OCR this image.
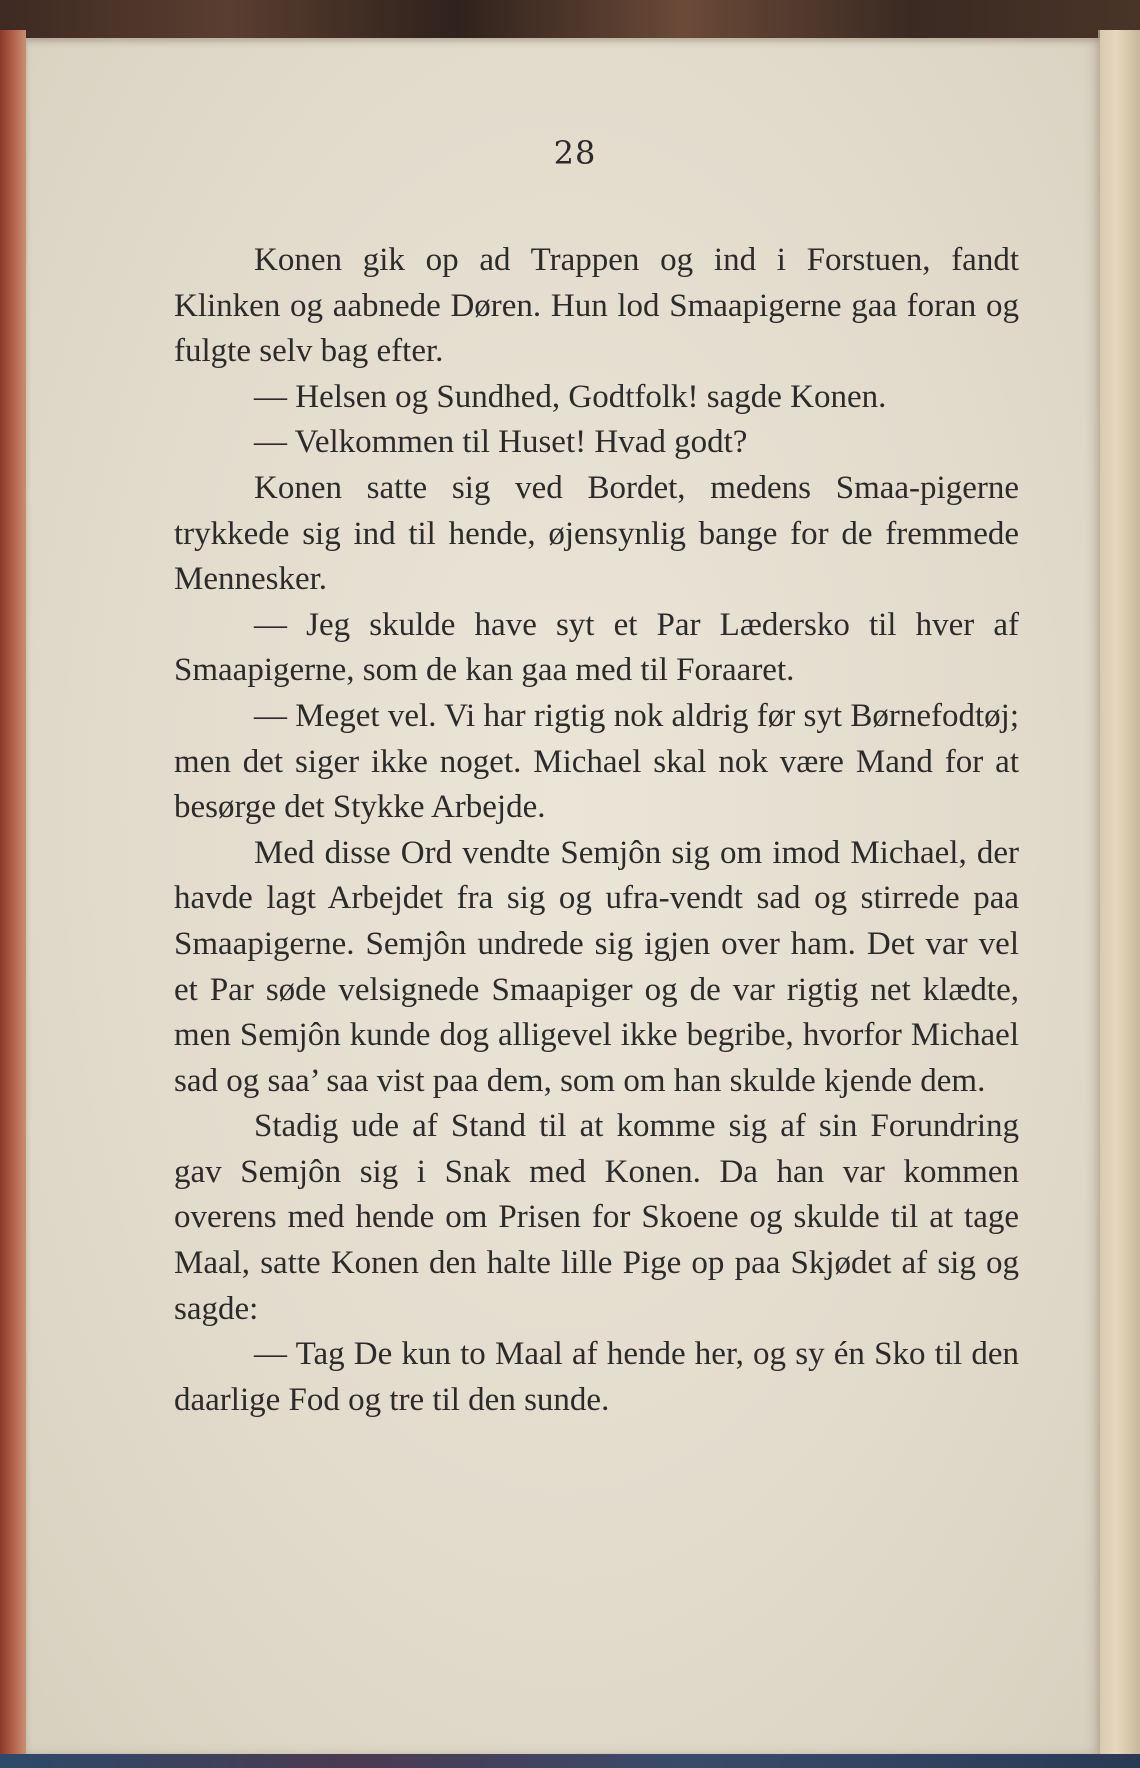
28

Konen gik op ad Trappen og ind i Forstuen, fandt Klinken og aabnede Døren. Hun lod Smaapigerne gaa foran og fulgte selv bag efter.

— Helsen og Sundhed, Godtfolk! sagde Konen.

— Velkommen til Huset! Hvad godt?

Konen satte sig ved Bordet, medens Smaa-pigerne trykkede sig ind til hende, øjensynlig bange for de fremmede Mennesker.

— Jeg skulde have syt et Par Lædersko til hver af Smaapigerne, som de kan gaa med til Foraaret.

— Meget vel. Vi har rigtig nok aldrig før syt Børnefodtøj; men det siger ikke noget. Michael skal nok være Mand for at besørge det Stykke Arbejde.

Med disse Ord vendte Semjôn sig om imod Michael, der havde lagt Arbejdet fra sig og ufra-vendt sad og stirrede paa Smaapigerne. Semjôn undrede sig igjen over ham. Det var vel et Par søde velsignede Smaapiger og de var rigtig net klædte, men Semjôn kunde dog alligevel ikke begribe, hvorfor Michael sad og saa’ saa vist paa dem, som om han skulde kjende dem.

Stadig ude af Stand til at komme sig af sin Forundring gav Semjôn sig i Snak med Konen. Da han var kommen overens med hende om Prisen for Skoene og skulde til at tage Maal, satte Konen den halte lille Pige op paa Skjødet af sig og sagde:

— Tag De kun to Maal af hende her, og sy én Sko til den daarlige Fod og tre til den sunde.
